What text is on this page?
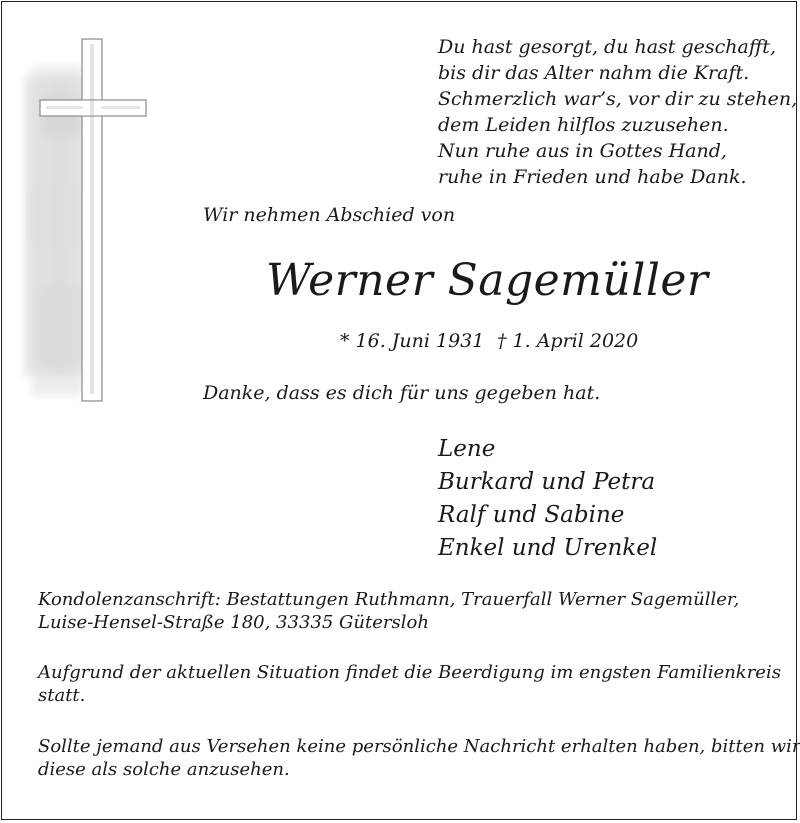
Du hast gesorgt, du hast geschafft,
bis dir das Alter nahm die Kraft.
Schmerzlich war’s, vor dir zu stehen,
dem Leiden hilflos zuzusehen.
Nun ruhe aus in Gottes Hand,
ruhe in Frieden und habe Dank.
Wir nehmen Abschied von
Werner Sagemüller
* 16. Juni 1931 † 1. April 2020
Danke, dass es dich für uns gegeben hat.
Lene
Burkard und Petra
Ralf und Sabine
Enkel und Urenkel
Kondolenzanschrift: Bestattungen Ruthmann, Trauerfall Werner Sagemüller,
Luise-Hensel-Straße 180, 33335 Gütersloh
Aufgrund der aktuellen Situation findet die Beerdigung im engsten Familienkreis
statt.
Sollte jemand aus Versehen keine persönliche Nachricht erhalten haben, bitten wir
diese als solche anzusehen.
